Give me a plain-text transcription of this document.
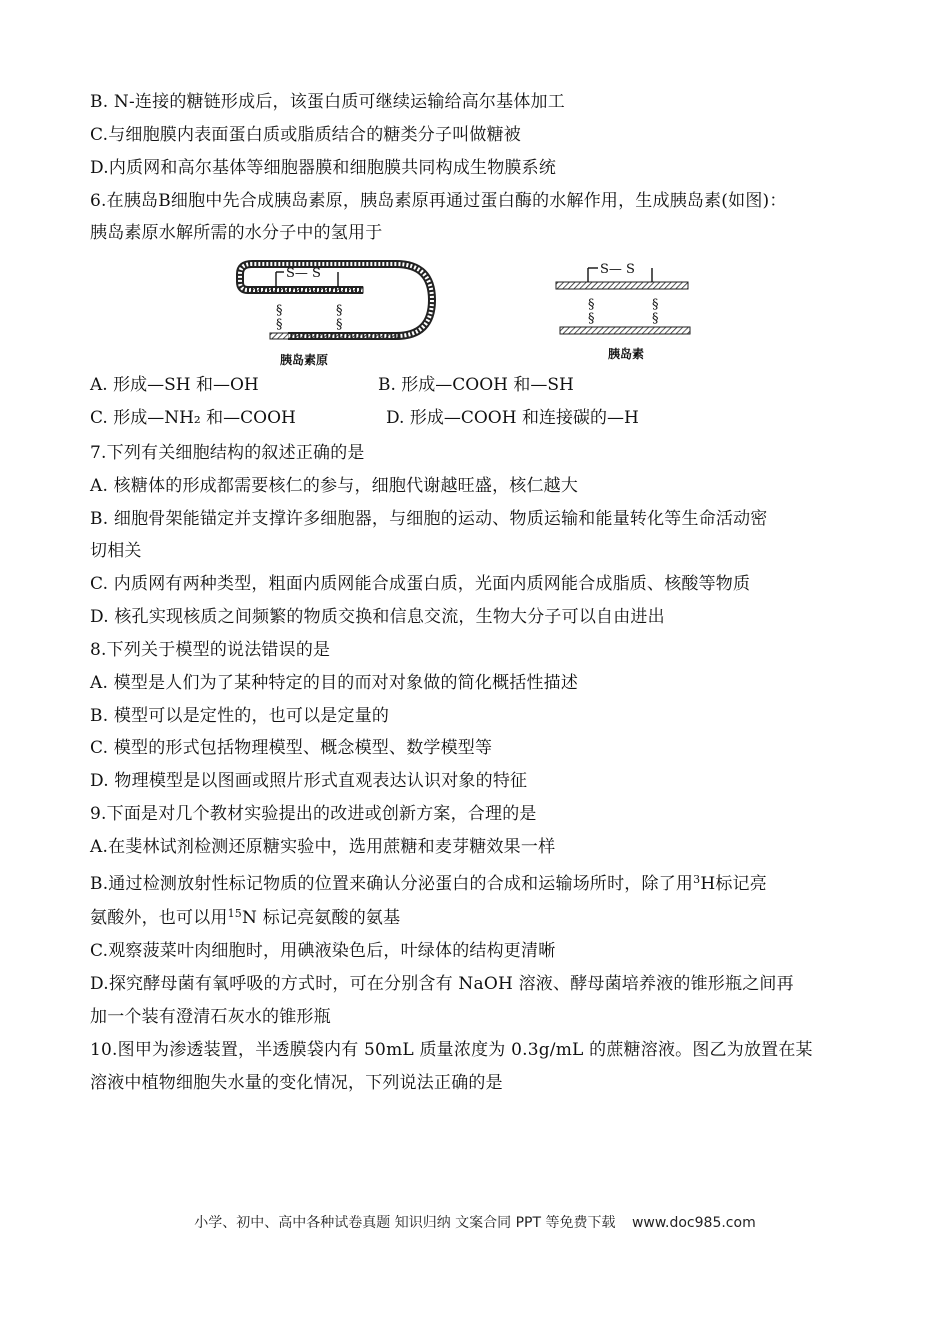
B. N-连接的糖链形成后，该蛋白质可继续运输给高尔基体加工
C.与细胞膜内表面蛋白质或脂质结合的糖类分子叫做糖被
D.内质网和高尔基体等细胞器膜和细胞膜共同构成生物膜系统
6.在胰岛B细胞中先合成胰岛素原，胰岛素原再通过蛋白酶的水解作用，生成胰岛素(如图)：
胰岛素原水解所需的水分子中的氢用于
S— S
§
§
§
§
胰岛素原
S— S
§
§
§
§
胰岛素
A. 形成—SH 和—OH	B. 形成—COOH 和—SH
C. 形成—NH₂ 和—COOH	D. 形成—COOH 和连接碳的—H
7.下列有关细胞结构的叙述正确的是
A. 核糖体的形成都需要核仁的参与，细胞代谢越旺盛，核仁越大
B. 细胞骨架能锚定并支撑许多细胞器，与细胞的运动、物质运输和能量转化等生命活动密
切相关
C. 内质网有两种类型，粗面内质网能合成蛋白质，光面内质网能合成脂质、核酸等物质
D. 核孔实现核质之间频繁的物质交换和信息交流，生物大分子可以自由进出
8.下列关于模型的说法错误的是
A. 模型是人们为了某种特定的目的而对对象做的简化概括性描述
B. 模型可以是定性的，也可以是定量的
C. 模型的形式包括物理模型、概念模型、数学模型等
D. 物理模型是以图画或照片形式直观表达认识对象的特征
9.下面是对几个教材实验提出的改进或创新方案，合理的是
A.在斐林试剂检测还原糖实验中，选用蔗糖和麦芽糖效果一样
B.通过检测放射性标记物质的位置来确认分泌蛋白的合成和运输场所时，除了用$^3$H标记亮
氨酸外，也可以用$^{15}$N 标记亮氨酸的氨基
C.观察菠菜叶肉细胞时，用碘液染色后，叶绿体的结构更清晰
D.探究酵母菌有氧呼吸的方式时，可在分别含有 NaOH 溶液、酵母菌培养液的锥形瓶之间再
加一个装有澄清石灰水的锥形瓶
10.图甲为渗透装置，半透膜袋内有 50mL 质量浓度为 0.3g/mL 的蔗糖溶液。图乙为放置在某
溶液中植物细胞失水量的变化情况，下列说法正确的是
小学、初中、高中各种试卷真题 知识归纳 文案合同 PPT 等免费下载 www.doc985.com
